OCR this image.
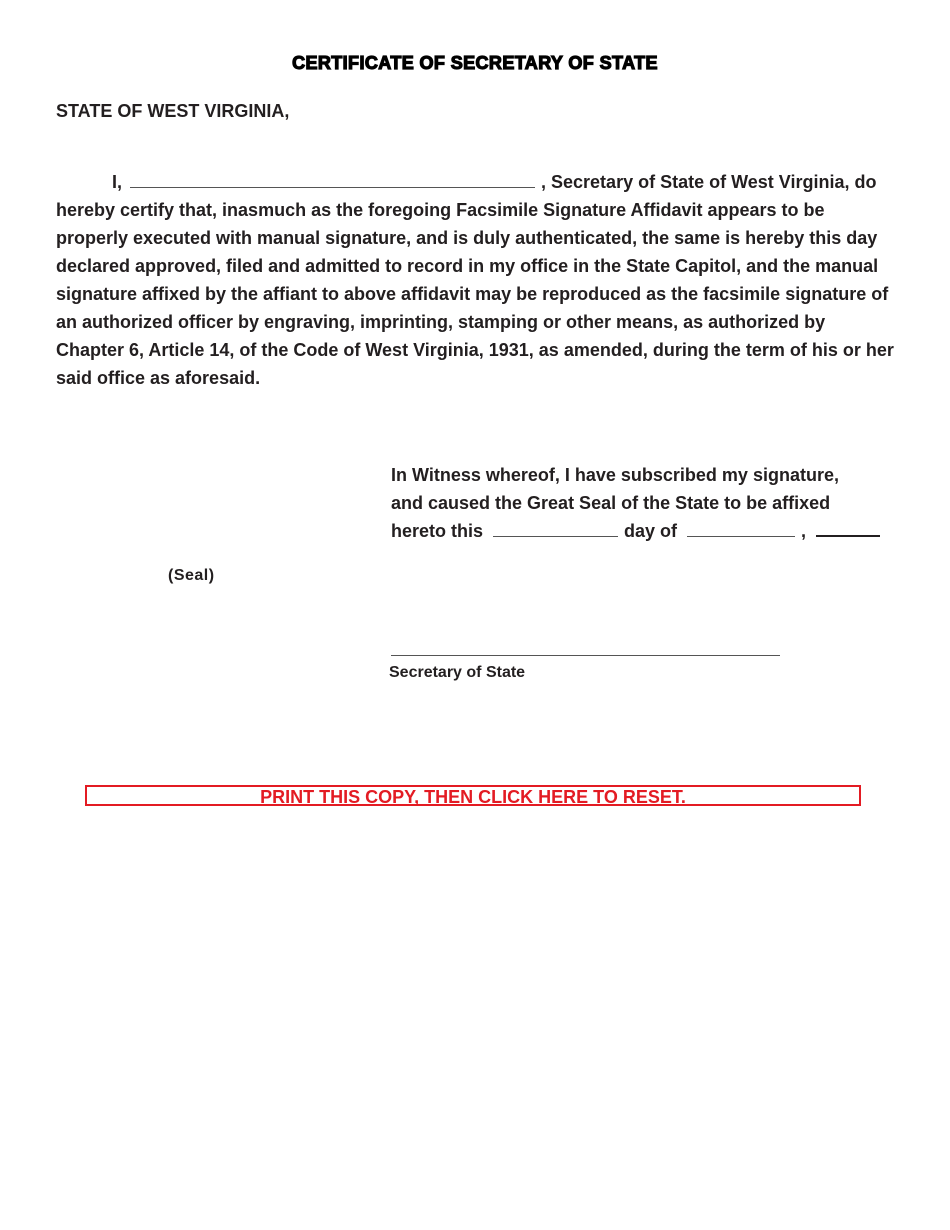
CERTIFICATE OF SECRETARY OF STATE
STATE OF WEST VIRGINIA,
I,	, Secretary of State of West Virginia, do
hereby certify that, inasmuch as the foregoing Facsimile Signature Affidavit appears to be properly executed with manual signature, and is duly authenticated, the same is hereby this day declared approved, filed and admitted to record in my office in the State Capitol, and the manual signature affixed by the affiant to above affidavit may be reproduced as the facsimile signature of an authorized officer by engraving, imprinting, stamping or other means, as authorized by Chapter 6, Article 14, of the Code of West Virginia, 1931, as amended, during the term of his or her said office as aforesaid.
In Witness whereof, I have subscribed my signature,
and caused the Great Seal of the State to be affixed
hereto this	day of	,
(Seal)
Secretary of State
PRINT THIS COPY, THEN CLICK HERE TO RESET.
